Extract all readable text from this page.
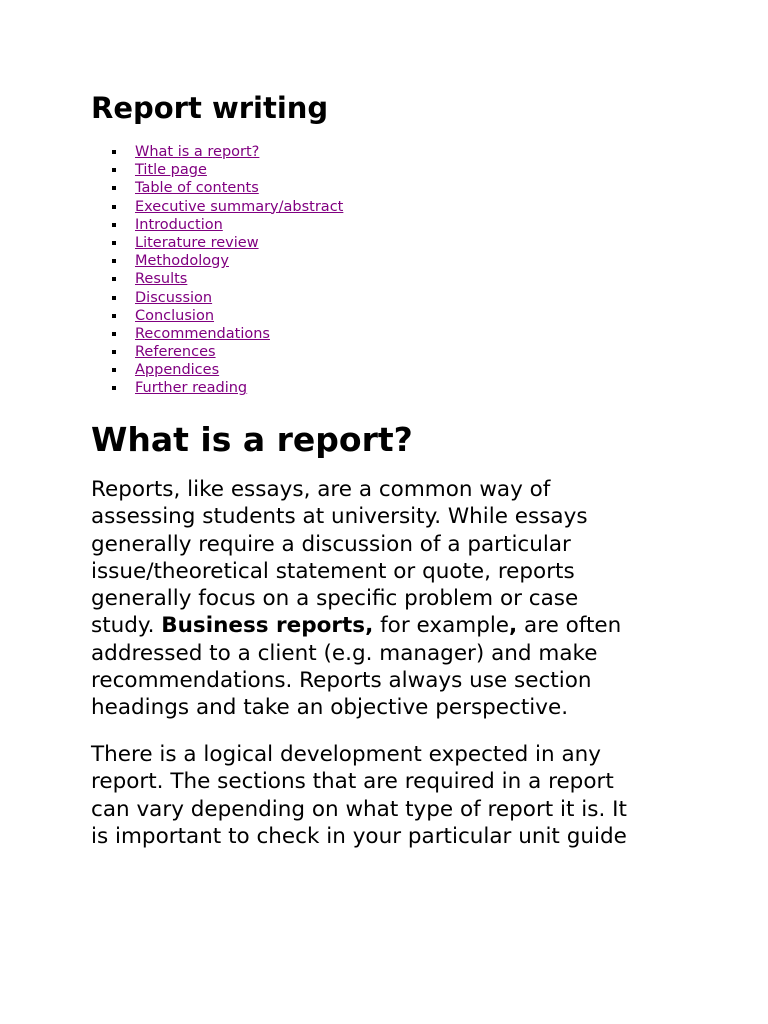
Report writing
What is a report?
Title page
Table of contents
Executive summary/abstract
Introduction
Literature review
Methodology
Results
Discussion
Conclusion
Recommendations
References
Appendices
Further reading
What is a report?

Reports, like essays, are a common way of
assessing students at university. While essays
generally require a discussion of a particular
issue/theoretical statement or quote, reports
generally focus on a specific problem or case
study. Business reports, for example, are often
addressed to a client (e.g. manager) and make
recommendations. Reports always use section
headings and take an objective perspective.

There is a logical development expected in any
report. The sections that are required in a report
can vary depending on what type of report it is. It
is important to check in your particular unit guide
